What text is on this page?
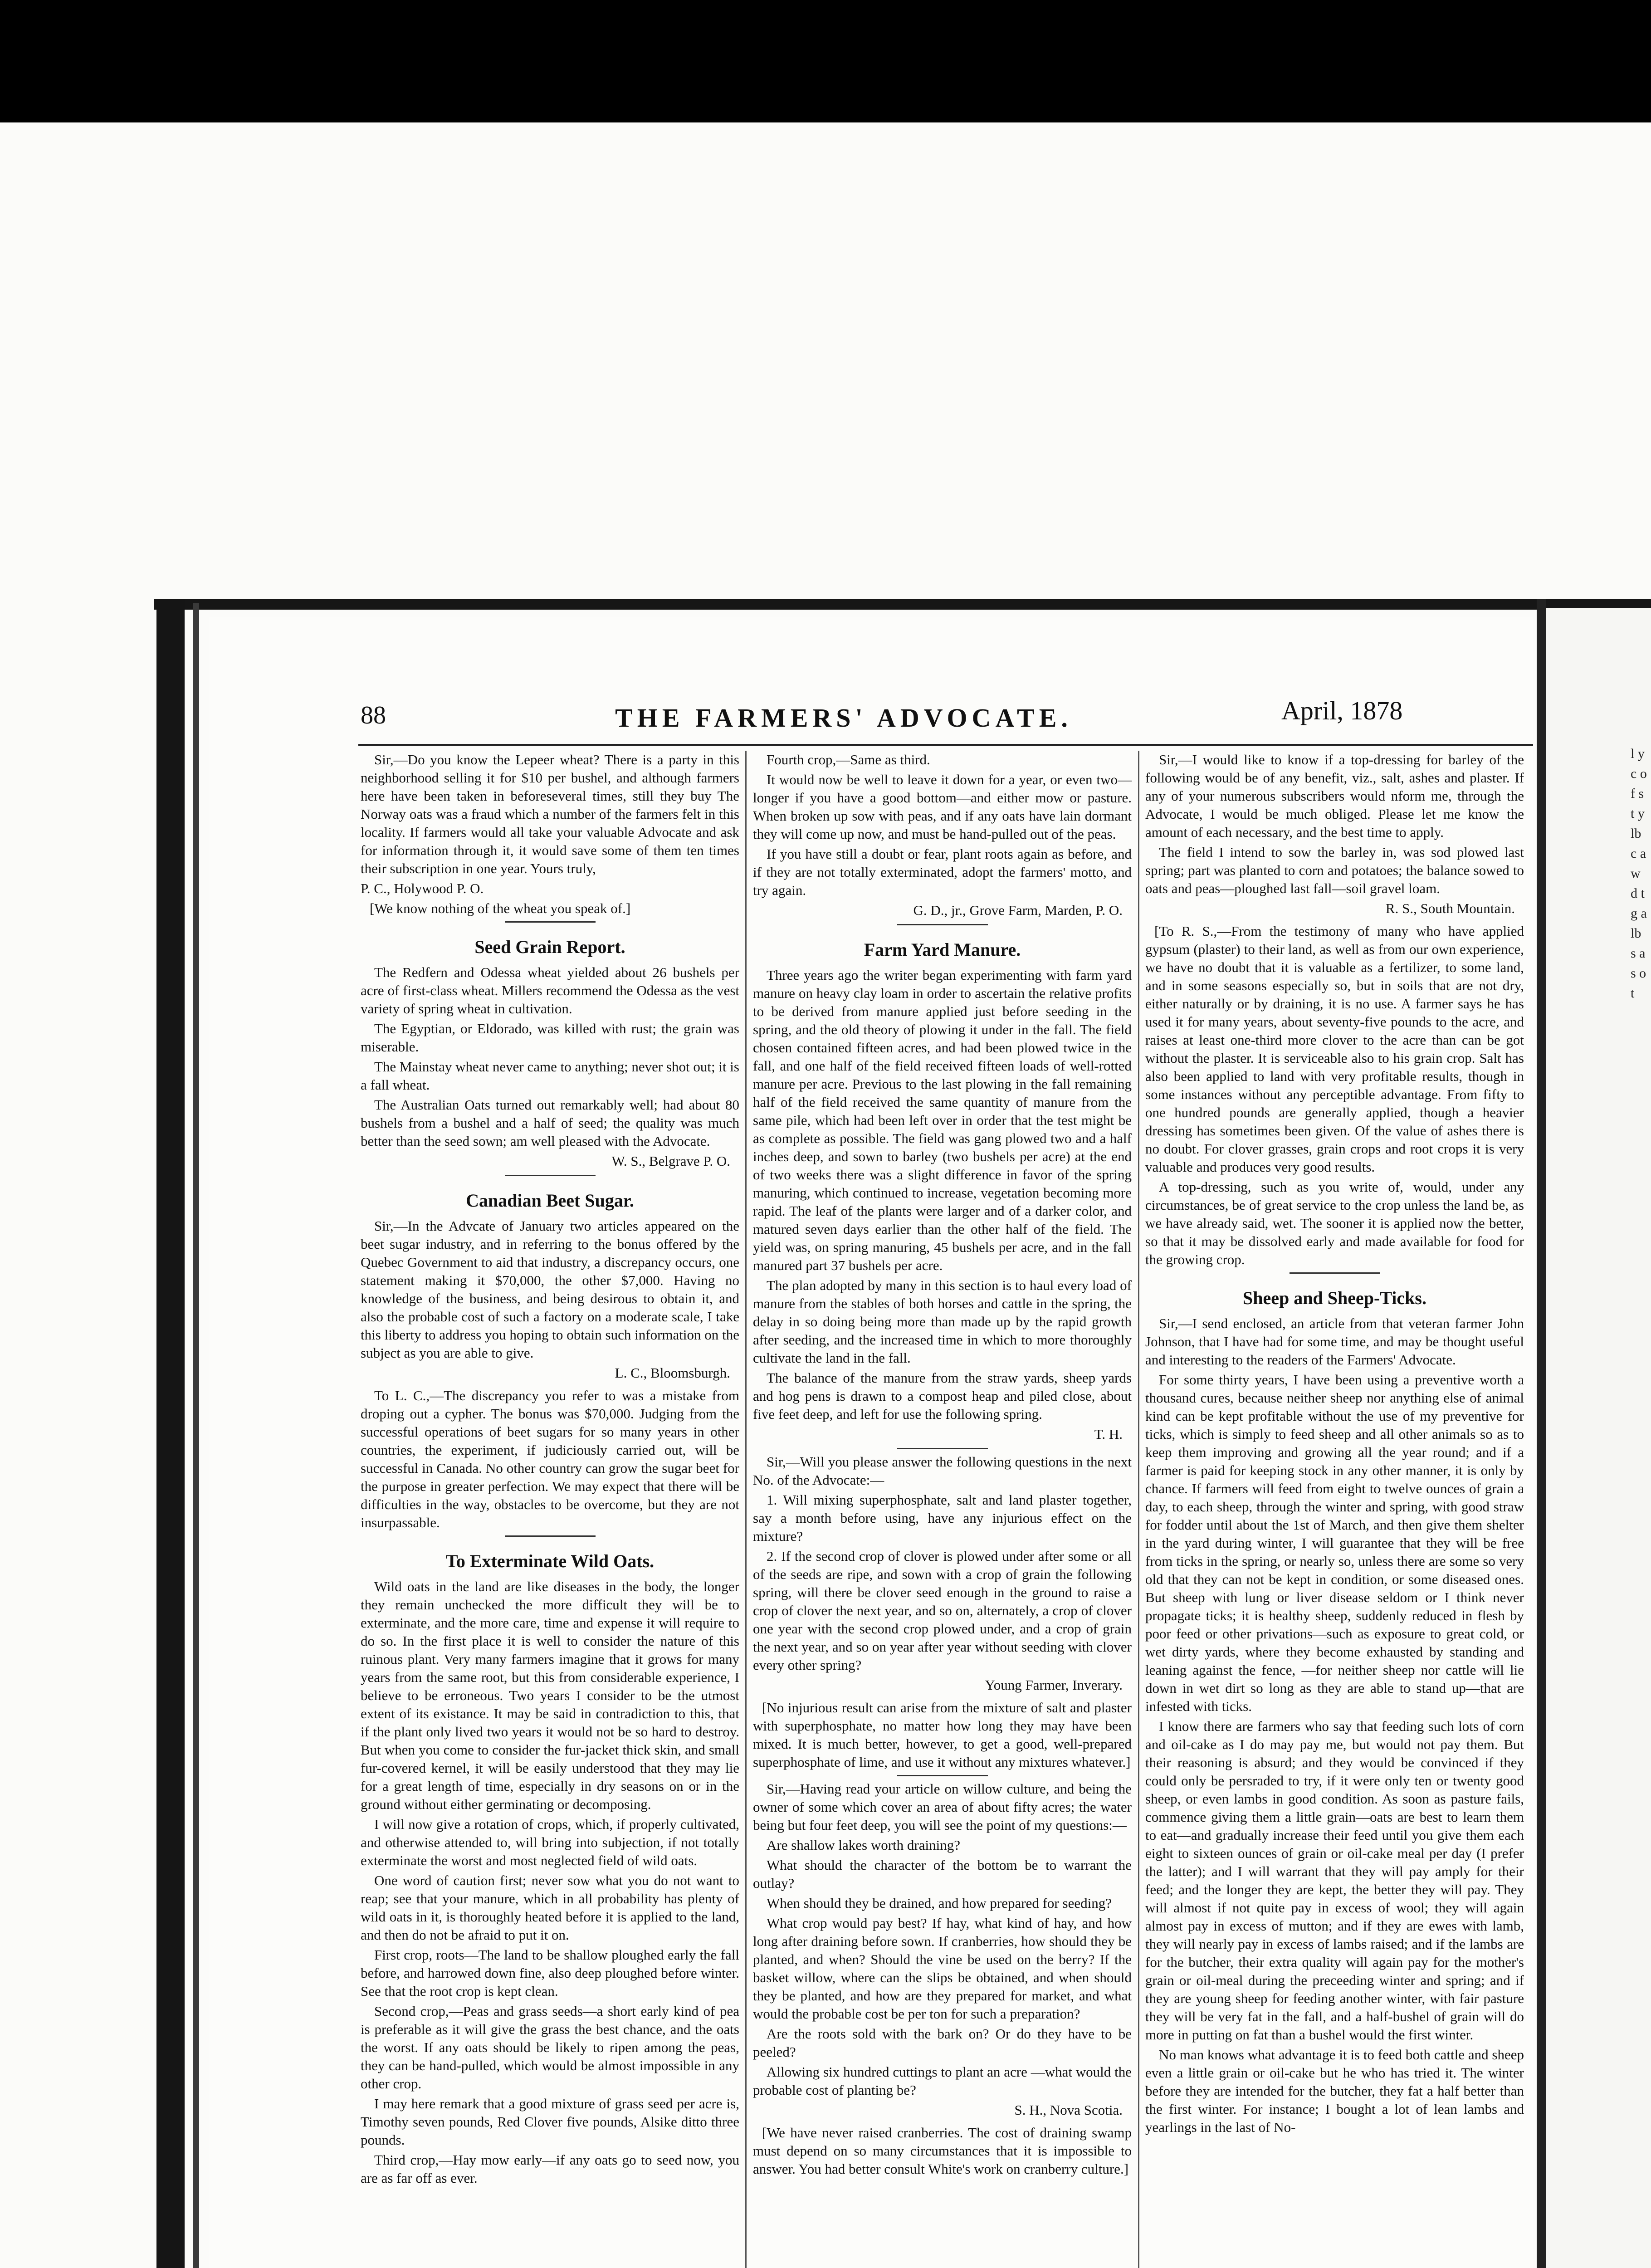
l y c o f s t y lb c a w d t g a lb s a s o t
88	THE FARMERS' ADVOCATE.	April, 1878

Sir,—Do you know the Lepeer wheat? There is a party in this neighborhood selling it for $10 per bushel, and although farmers here have been taken in beforeseveral times, still they buy The Norway oats was a fraud which a number of the farmers felt in this locality. If farmers would all take your valuable Advocate and ask for information through it, it would save some of them ten times their subscription in one year. Yours truly,

P. C., Holywood P. O.

[We know nothing of the wheat you speak of.]

Seed Grain Report.

The Redfern and Odessa wheat yielded about 26 bushels per acre of first-class wheat. Millers recommend the Odessa as the vest variety of spring wheat in cultivation.

The Egyptian, or Eldorado, was killed with rust; the grain was miserable.

The Mainstay wheat never came to anything; never shot out; it is a fall wheat.

The Australian Oats turned out remarkably well; had about 80 bushels from a bushel and a half of seed; the quality was much better than the seed sown; am well pleased with the Advocate.

W. S., Belgrave P. O.

Canadian Beet Sugar.

Sir,—In the Advcate of January two articles appeared on the beet sugar industry, and in referring to the bonus offered by the Quebec Government to aid that industry, a discrepancy occurs, one statement making it $70,000, the other $7,000. Having no knowledge of the business, and being desirous to obtain it, and also the probable cost of such a factory on a moderate scale, I take this liberty to address you hoping to obtain such information on the subject as you are able to give.

L. C., Bloomsburgh.

To L. C.,—The discrepancy you refer to was a mistake from droping out a cypher. The bonus was $70,000. Judging from the successful operations of beet sugars for so many years in other countries, the experiment, if judiciously carried out, will be successful in Canada. No other country can grow the sugar beet for the purpose in greater perfection. We may expect that there will be difficulties in the way, obstacles to be overcome, but they are not insurpassable.

To Exterminate Wild Oats.

Wild oats in the land are like diseases in the body, the longer they remain unchecked the more difficult they will be to exterminate, and the more care, time and expense it will require to do so. In the first place it is well to consider the nature of this ruinous plant. Very many farmers imagine that it grows for many years from the same root, but this from considerable experience, I believe to be erroneous. Two years I consider to be the utmost extent of its existance. It may be said in contradiction to this, that if the plant only lived two years it would not be so hard to destroy. But when you come to consider the fur-jacket thick skin, and small fur-covered kernel, it will be easily understood that they may lie for a great length of time, especially in dry seasons on or in the ground without either germinating or decomposing.

I will now give a rotation of crops, which, if properly cultivated, and otherwise attended to, will bring into subjection, if not totally exterminate the worst and most neglected field of wild oats.

One word of caution first; never sow what you do not want to reap; see that your manure, which in all probability has plenty of wild oats in it, is thoroughly heated before it is applied to the land, and then do not be afraid to put it on.

First crop, roots—The land to be shallow ploughed early the fall before, and harrowed down fine, also deep ploughed before winter. See that the root crop is kept clean.

Second crop,—Peas and grass seeds—a short early kind of pea is preferable as it will give the grass the best chance, and the oats the worst. If any oats should be likely to ripen among the peas, they can be hand-pulled, which would be almost impossible in any other crop.

I may here remark that a good mixture of grass seed per acre is, Timothy seven pounds, Red Clover five pounds, Alsike ditto three pounds.

Third crop,—Hay mow early—if any oats go to seed now, you are as far off as ever.

Fourth crop,—Same as third.

It would now be well to leave it down for a year, or even two—longer if you have a good bottom—and either mow or pasture. When broken up sow with peas, and if any oats have lain dormant they will come up now, and must be hand-pulled out of the peas.

If you have still a doubt or fear, plant roots again as before, and if they are not totally exterminated, adopt the farmers' motto, and try again.

G. D., jr., Grove Farm, Marden, P. O.

Farm Yard Manure.

Three years ago the writer began experimenting with farm yard manure on heavy clay loam in order to ascertain the relative profits to be derived from manure applied just before seeding in the spring, and the old theory of plowing it under in the fall. The field chosen contained fifteen acres, and had been plowed twice in the fall, and one half of the field received fifteen loads of well-rotted manure per acre. Previous to the last plowing in the fall remaining half of the field received the same quantity of manure from the same pile, which had been left over in order that the test might be as complete as possible. The field was gang plowed two and a half inches deep, and sown to barley (two bushels per acre) at the end of two weeks there was a slight difference in favor of the spring manuring, which continued to increase, vegetation becoming more rapid. The leaf of the plants were larger and of a darker color, and matured seven days earlier than the other half of the field. The yield was, on spring manuring, 45 bushels per acre, and in the fall manured part 37 bushels per acre.

The plan adopted by many in this section is to haul every load of manure from the stables of both horses and cattle in the spring, the delay in so doing being more than made up by the rapid growth after seeding, and the increased time in which to more thoroughly cultivate the land in the fall.

The balance of the manure from the straw yards, sheep yards and hog pens is drawn to a compost heap and piled close, about five feet deep, and left for use the following spring.

T. H.

Sir,—Will you please answer the following questions in the next No. of the Advocate:—

1. Will mixing superphosphate, salt and land plaster together, say a month before using, have any injurious effect on the mixture?
2. If the second crop of clover is plowed under after some or all of the seeds are ripe, and sown with a crop of grain the following spring, will there be clover seed enough in the ground to raise a crop of clover the next year, and so on, alternately, a crop of clover one year with the second crop plowed under, and a crop of grain the next year, and so on year after year without seeding with clover every other spring?

Young Farmer, Inverary.

[No injurious result can arise from the mixture of salt and plaster with superphosphate, no matter how long they may have been mixed. It is much better, however, to get a good, well-prepared superphosphate of lime, and use it without any mixtures whatever.]

Sir,—Having read your article on willow culture, and being the owner of some which cover an area of about fifty acres; the water being but four feet deep, you will see the point of my questions:—

Are shallow lakes worth draining?

What should the character of the bottom be to warrant the outlay?

When should they be drained, and how prepared for seeding?

What crop would pay best? If hay, what kind of hay, and how long after draining before sown. If cranberries, how should they be planted, and when? Should the vine be used on the berry? If the basket willow, where can the slips be obtained, and when should they be planted, and how are they prepared for market, and what would the probable cost be per ton for such a preparation?

Are the roots sold with the bark on? Or do they have to be peeled?

Allowing six hundred cuttings to plant an acre —what would the probable cost of planting be?

S. H., Nova Scotia.

[We have never raised cranberries. The cost of draining swamp must depend on so many circumstances that it is impossible to answer. You had better consult White's work on cranberry culture.]

Sir,—I would like to know if a top-dressing for barley of the following would be of any benefit, viz., salt, ashes and plaster. If any of your numerous subscribers would nform me, through the Advocate, I would be much obliged. Please let me know the amount of each necessary, and the best time to apply.

The field I intend to sow the barley in, was sod plowed last spring; part was planted to corn and potatoes; the balance sowed to oats and peas—ploughed last fall—soil gravel loam.

R. S., South Mountain.

[To R. S.,—From the testimony of many who have applied gypsum (plaster) to their land, as well as from our own experience, we have no doubt that it is valuable as a fertilizer, to some land, and in some seasons especially so, but in soils that are not dry, either naturally or by draining, it is no use. A farmer says he has used it for many years, about seventy-five pounds to the acre, and raises at least one-third more clover to the acre than can be got without the plaster. It is serviceable also to his grain crop. Salt has also been applied to land with very profitable results, though in some instances without any perceptible advantage. From fifty to one hundred pounds are generally applied, though a heavier dressing has sometimes been given. Of the value of ashes there is no doubt. For clover grasses, grain crops and root crops it is very valuable and produces very good results.

A top-dressing, such as you write of, would, under any circumstances, be of great service to the crop unless the land be, as we have already said, wet. The sooner it is applied now the better, so that it may be dissolved early and made available for food for the growing crop.

Sheep and Sheep-Ticks.

Sir,—I send enclosed, an article from that veteran farmer John Johnson, that I have had for some time, and may be thought useful and interesting to the readers of the Farmers' Advocate.

For some thirty years, I have been using a preventive worth a thousand cures, because neither sheep nor anything else of animal kind can be kept profitable without the use of my preventive for ticks, which is simply to feed sheep and all other animals so as to keep them improving and growing all the year round; and if a farmer is paid for keeping stock in any other manner, it is only by chance. If farmers will feed from eight to twelve ounces of grain a day, to each sheep, through the winter and spring, with good straw for fodder until about the 1st of March, and then give them shelter in the yard during winter, I will guarantee that they will be free from ticks in the spring, or nearly so, unless there are some so very old that they can not be kept in condition, or some diseased ones. But sheep with lung or liver disease seldom or I think never propagate ticks; it is healthy sheep, suddenly reduced in flesh by poor feed or other privations—such as exposure to great cold, or wet dirty yards, where they become exhausted by standing and leaning against the fence, —for neither sheep nor cattle will lie down in wet dirt so long as they are able to stand up—that are infested with ticks.

I know there are farmers who say that feeding such lots of corn and oil-cake as I do may pay me, but would not pay them. But their reasoning is absurd; and they would be convinced if they could only be persraded to try, if it were only ten or twenty good sheep, or even lambs in good condition. As soon as pasture fails, commence giving them a little grain—oats are best to learn them to eat—and gradually increase their feed until you give them each eight to sixteen ounces of grain or oil-cake meal per day (I prefer the latter); and I will warrant that they will pay amply for their feed; and the longer they are kept, the better they will pay. They will almost if not quite pay in excess of wool; they will again almost pay in excess of mutton; and if they are ewes with lamb, they will nearly pay in excess of lambs raised; and if the lambs are for the butcher, their extra quality will again pay for the mother's grain or oil-meal during the preceeding winter and spring; and if they are young sheep for feeding another winter, with fair pasture they will be very fat in the fall, and a half-bushel of grain will do more in putting on fat than a bushel would the first winter.

No man knows what advantage it is to feed both cattle and sheep even a little grain or oil-cake but he who has tried it. The winter before they are intended for the butcher, they fat a half better than the first winter. For instance; I bought a lot of lean lambs and yearlings in the last of No-
